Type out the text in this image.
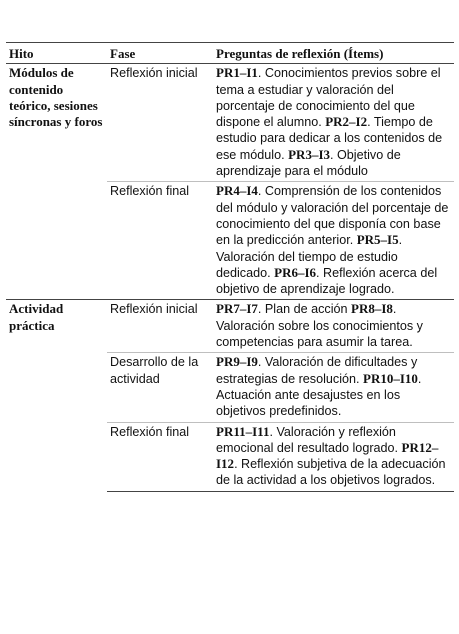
Hito	Fase	Preguntas de reflexión (Ítems)
Módulos de contenido teórico, sesiones síncronas y foros	Reflexión inicial	PR1–I1. Conocimientos previos sobre el tema a estudiar y valoración del porcentaje de conocimiento del que dispone el alumno. PR2–I2. Tiempo de estudio para dedicar a los contenidos de ese módulo. PR3–I3. Objetivo de aprendizaje para el módulo
	Reflexión final	PR4–I4. Comprensión de los contenidos del módulo y valoración del porcentaje de conocimiento del que disponía con base en la predicción anterior. PR5–I5. Valoración del tiempo de estudio dedicado. PR6–I6. Reflexión acerca del objetivo de aprendizaje logrado.
Actividad práctica	Reflexión inicial	PR7–I7. Plan de acción PR8–I8. Valoración sobre los conocimientos y competencias para asumir la tarea.
	Desarrollo de la actividad	PR9–I9. Valoración de dificultades y estrategias de resolución. PR10–I10. Actuación ante desajustes en los objetivos predefinidos.
	Reflexión final	PR11–I11. Valoración y reflexión emocional del resultado logrado. PR12–I12. Reflexión subjetiva de la adecuación de la actividad a los objetivos logrados.
